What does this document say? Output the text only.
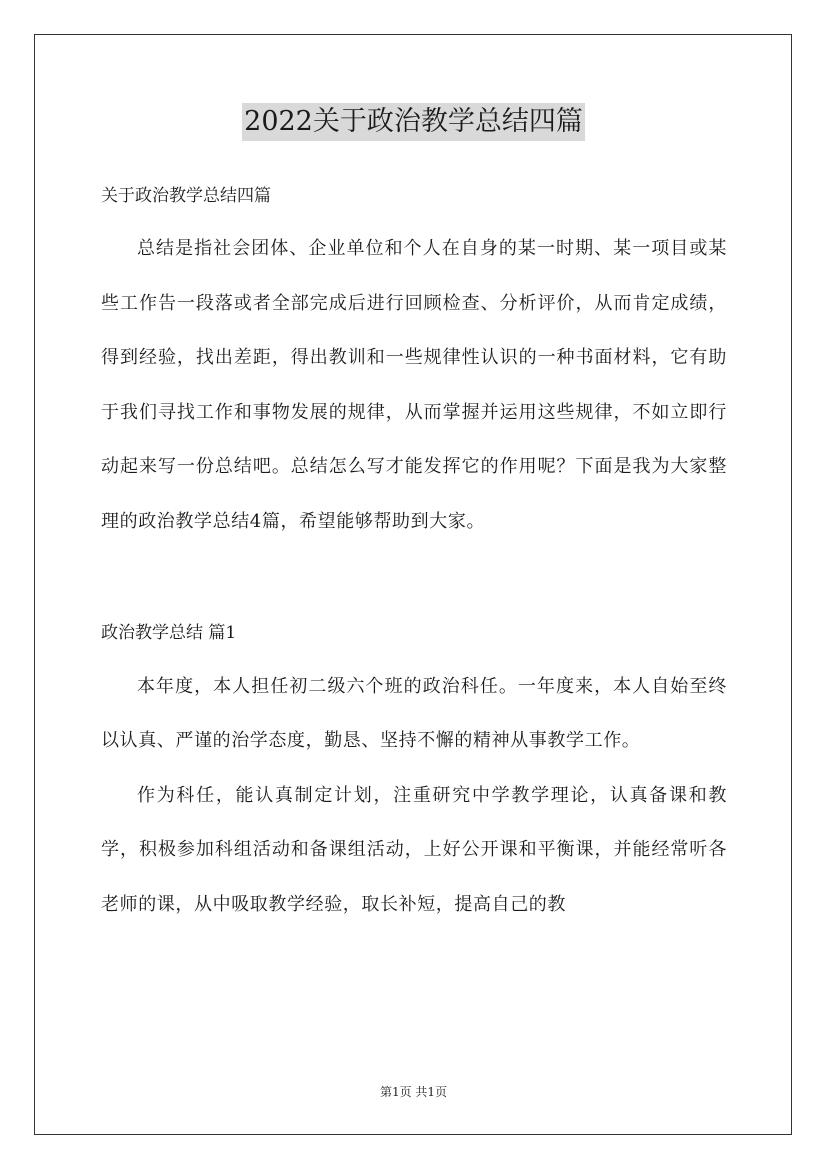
2022关于政治教学总结四篇

关于政治教学总结四篇

总结是指社会团体、企业单位和个人在自身的某一时期、某一项目或某些工作告一段落或者全部完成后进行回顾检查、分析评价，从而肯定成绩，得到经验，找出差距，得出教训和一些规律性认识的一种书面材料，它有助于我们寻找工作和事物发展的规律，从而掌握并运用这些规律，不如立即行动起来写一份总结吧。总结怎么写才能发挥它的作用呢？下面是我为大家整理的政治教学总结4篇，希望能够帮助到大家。

政治教学总结 篇1

本年度，本人担任初二级六个班的政治科任。一年度来，本人自始至终以认真、严谨的治学态度，勤恳、坚持不懈的精神从事教学工作。

作为科任，能认真制定计划，注重研究中学教学理论，认真备课和教学，积极参加科组活动和备课组活动，上好公开课和平衡课，并能经常听各老师的课，从中吸取教学经验，取长补短，提高自己的教

第1页 共1页
